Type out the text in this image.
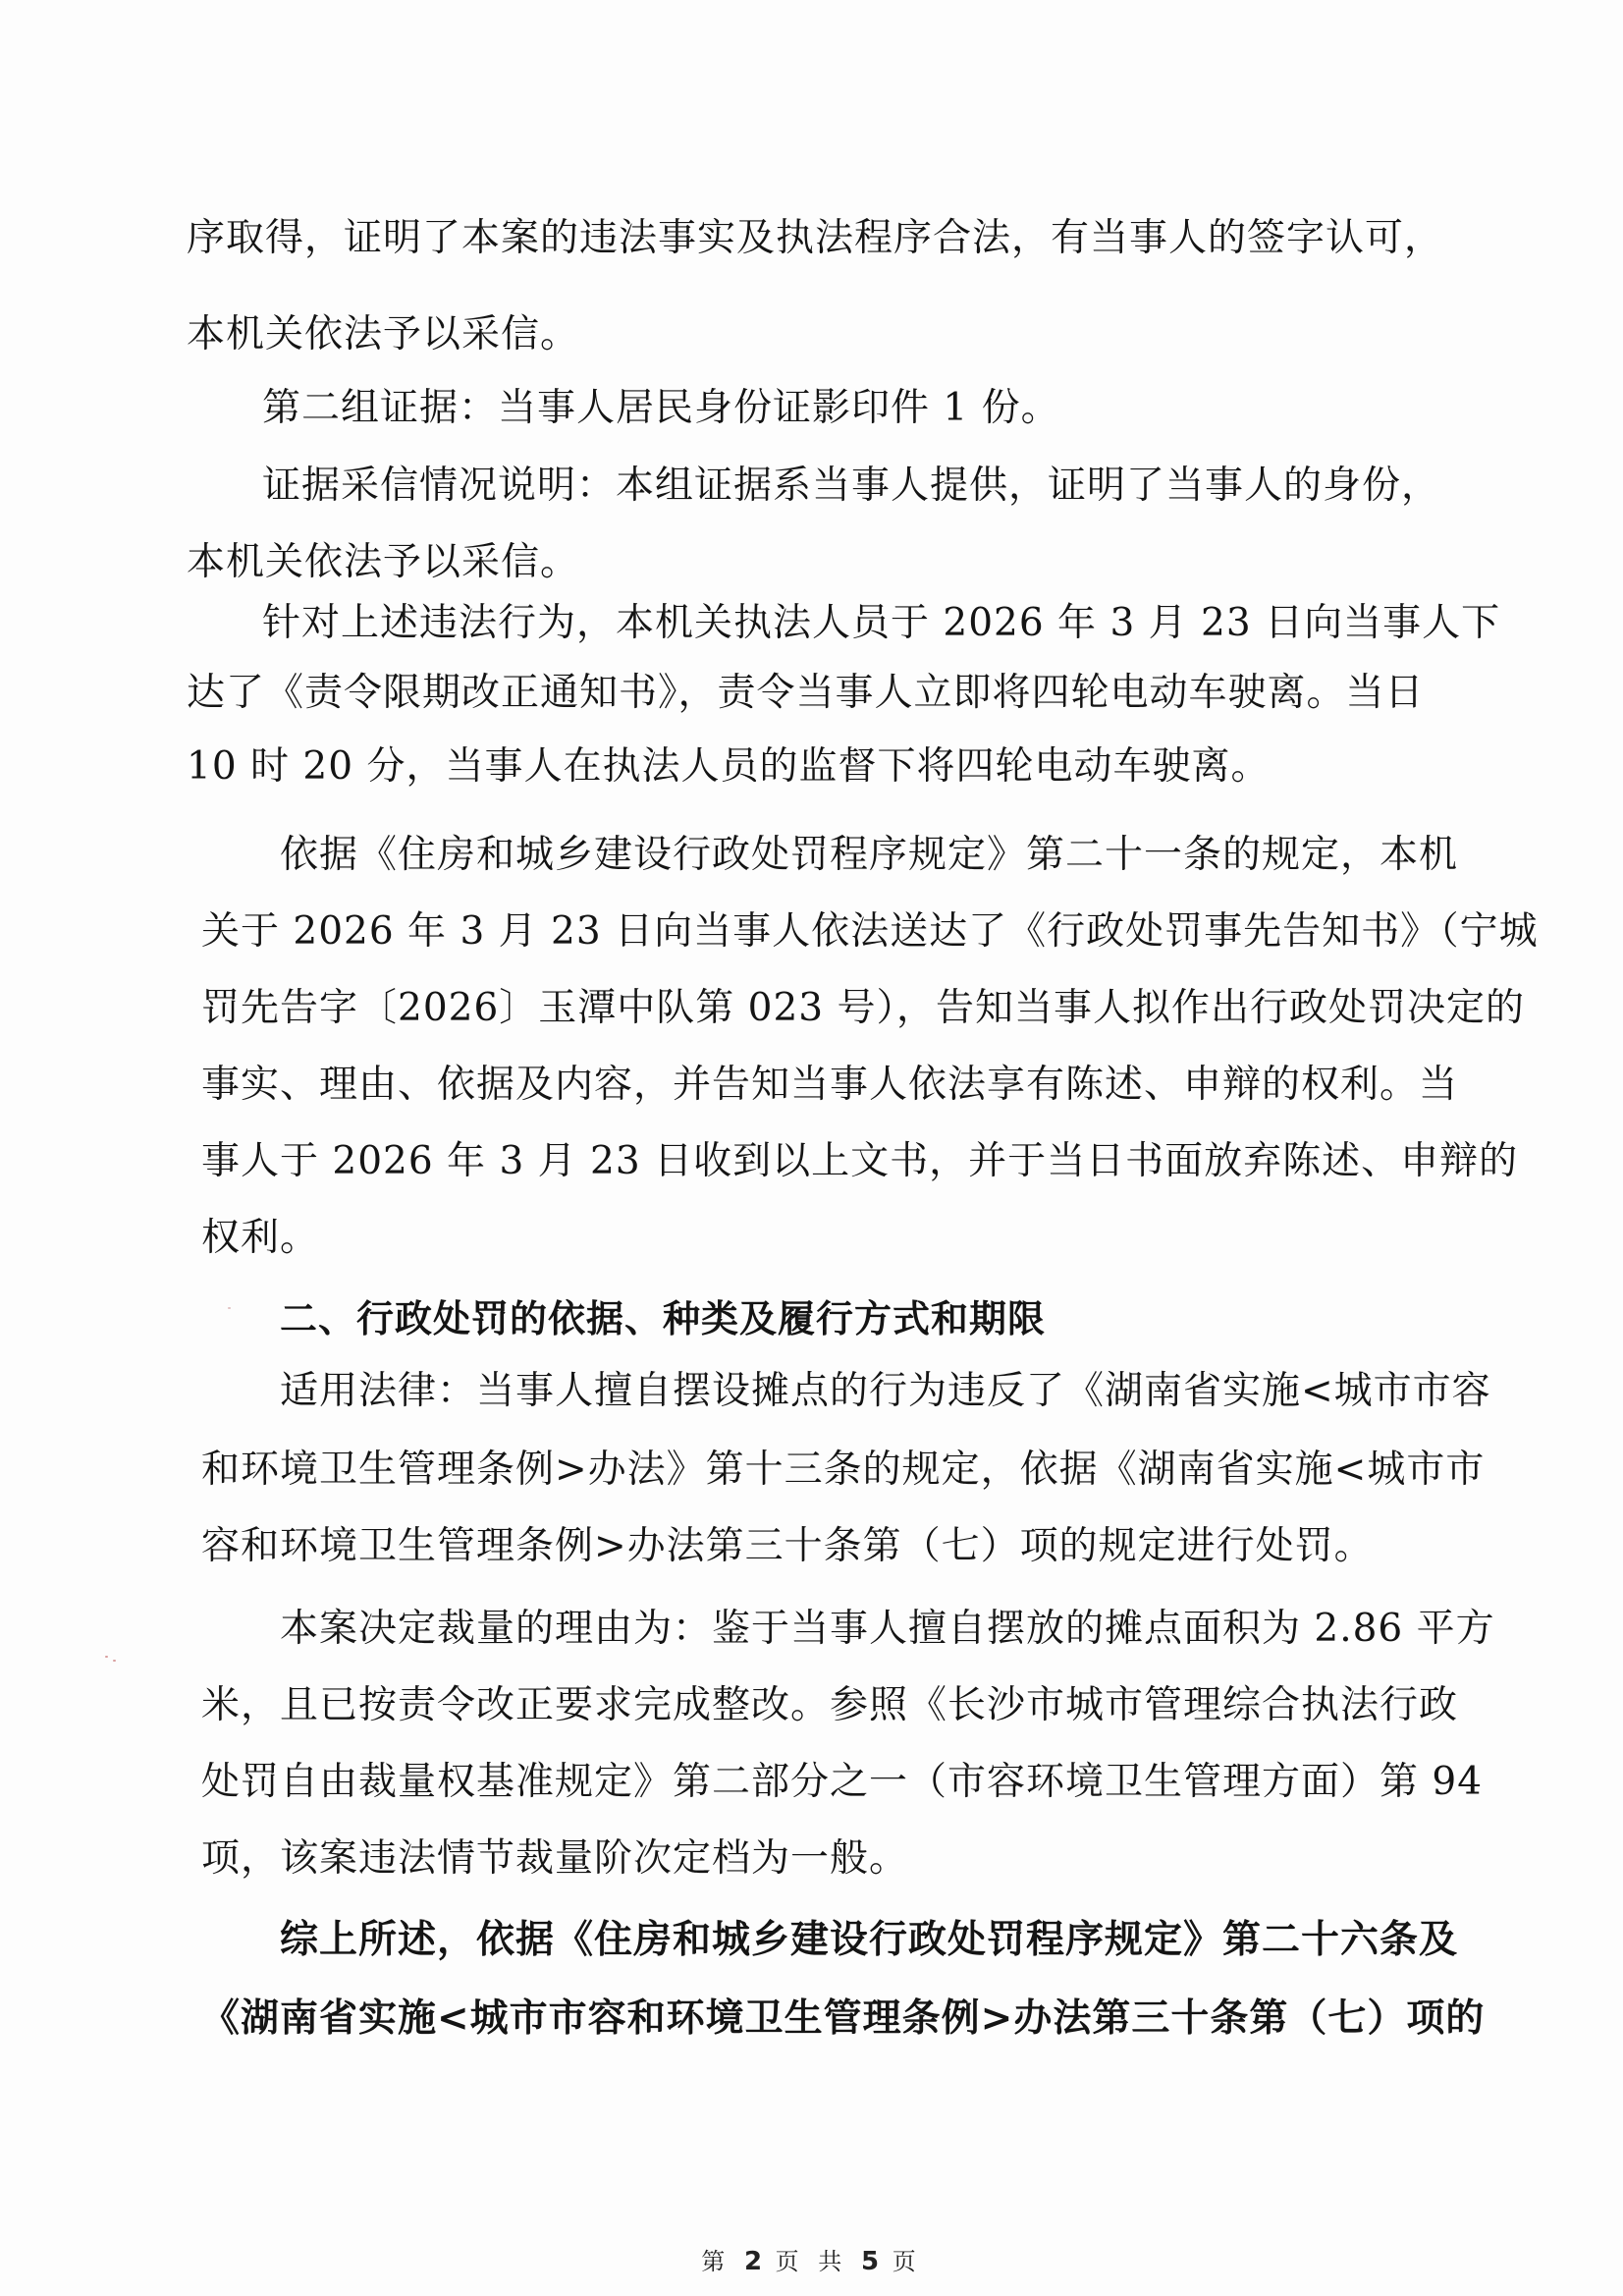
序取得，证明了本案的违法事实及执法程序合法，有当事人的签字认可，
本机关依法予以采信。
第二组证据：当事人居民身份证影印件 1 份。
证据采信情况说明：本组证据系当事人提供，证明了当事人的身份，
本机关依法予以采信。
针对上述违法行为，本机关执法人员于 2026 年 3 月 23 日向当事人下
达了《责令限期改正通知书》，责令当事人立即将四轮电动车驶离。当日
10 时 20 分，当事人在执法人员的监督下将四轮电动车驶离。
依据《住房和城乡建设行政处罚程序规定》第二十一条的规定，本机
关于 2026 年 3 月 23 日向当事人依法送达了《行政处罚事先告知书》（宁城
罚先告字〔2026〕玉潭中队第 023 号），告知当事人拟作出行政处罚决定的
事实、理由、依据及内容，并告知当事人依法享有陈述、申辩的权利。当
事人于 2026 年 3 月 23 日收到以上文书，并于当日书面放弃陈述、申辩的
权利。
二、行政处罚的依据、种类及履行方式和期限
适用法律：当事人擅自摆设摊点的行为违反了《湖南省实施<城市市容
和环境卫生管理条例>办法》第十三条的规定，依据《湖南省实施<城市市
容和环境卫生管理条例>办法第三十条第（七）项的规定进行处罚。
本案决定裁量的理由为：鉴于当事人擅自摆放的摊点面积为 2.86 平方
米，且已按责令改正要求完成整改。参照《长沙市城市管理综合执法行政
处罚自由裁量权基准规定》第二部分之一（市容环境卫生管理方面）第 94
项，该案违法情节裁量阶次定档为一般。
综上所述，依据《住房和城乡建设行政处罚程序规定》第二十六条及
《湖南省实施<城市市容和环境卫生管理条例>办法第三十条第（七）项的
第 2 页 共 5 页
